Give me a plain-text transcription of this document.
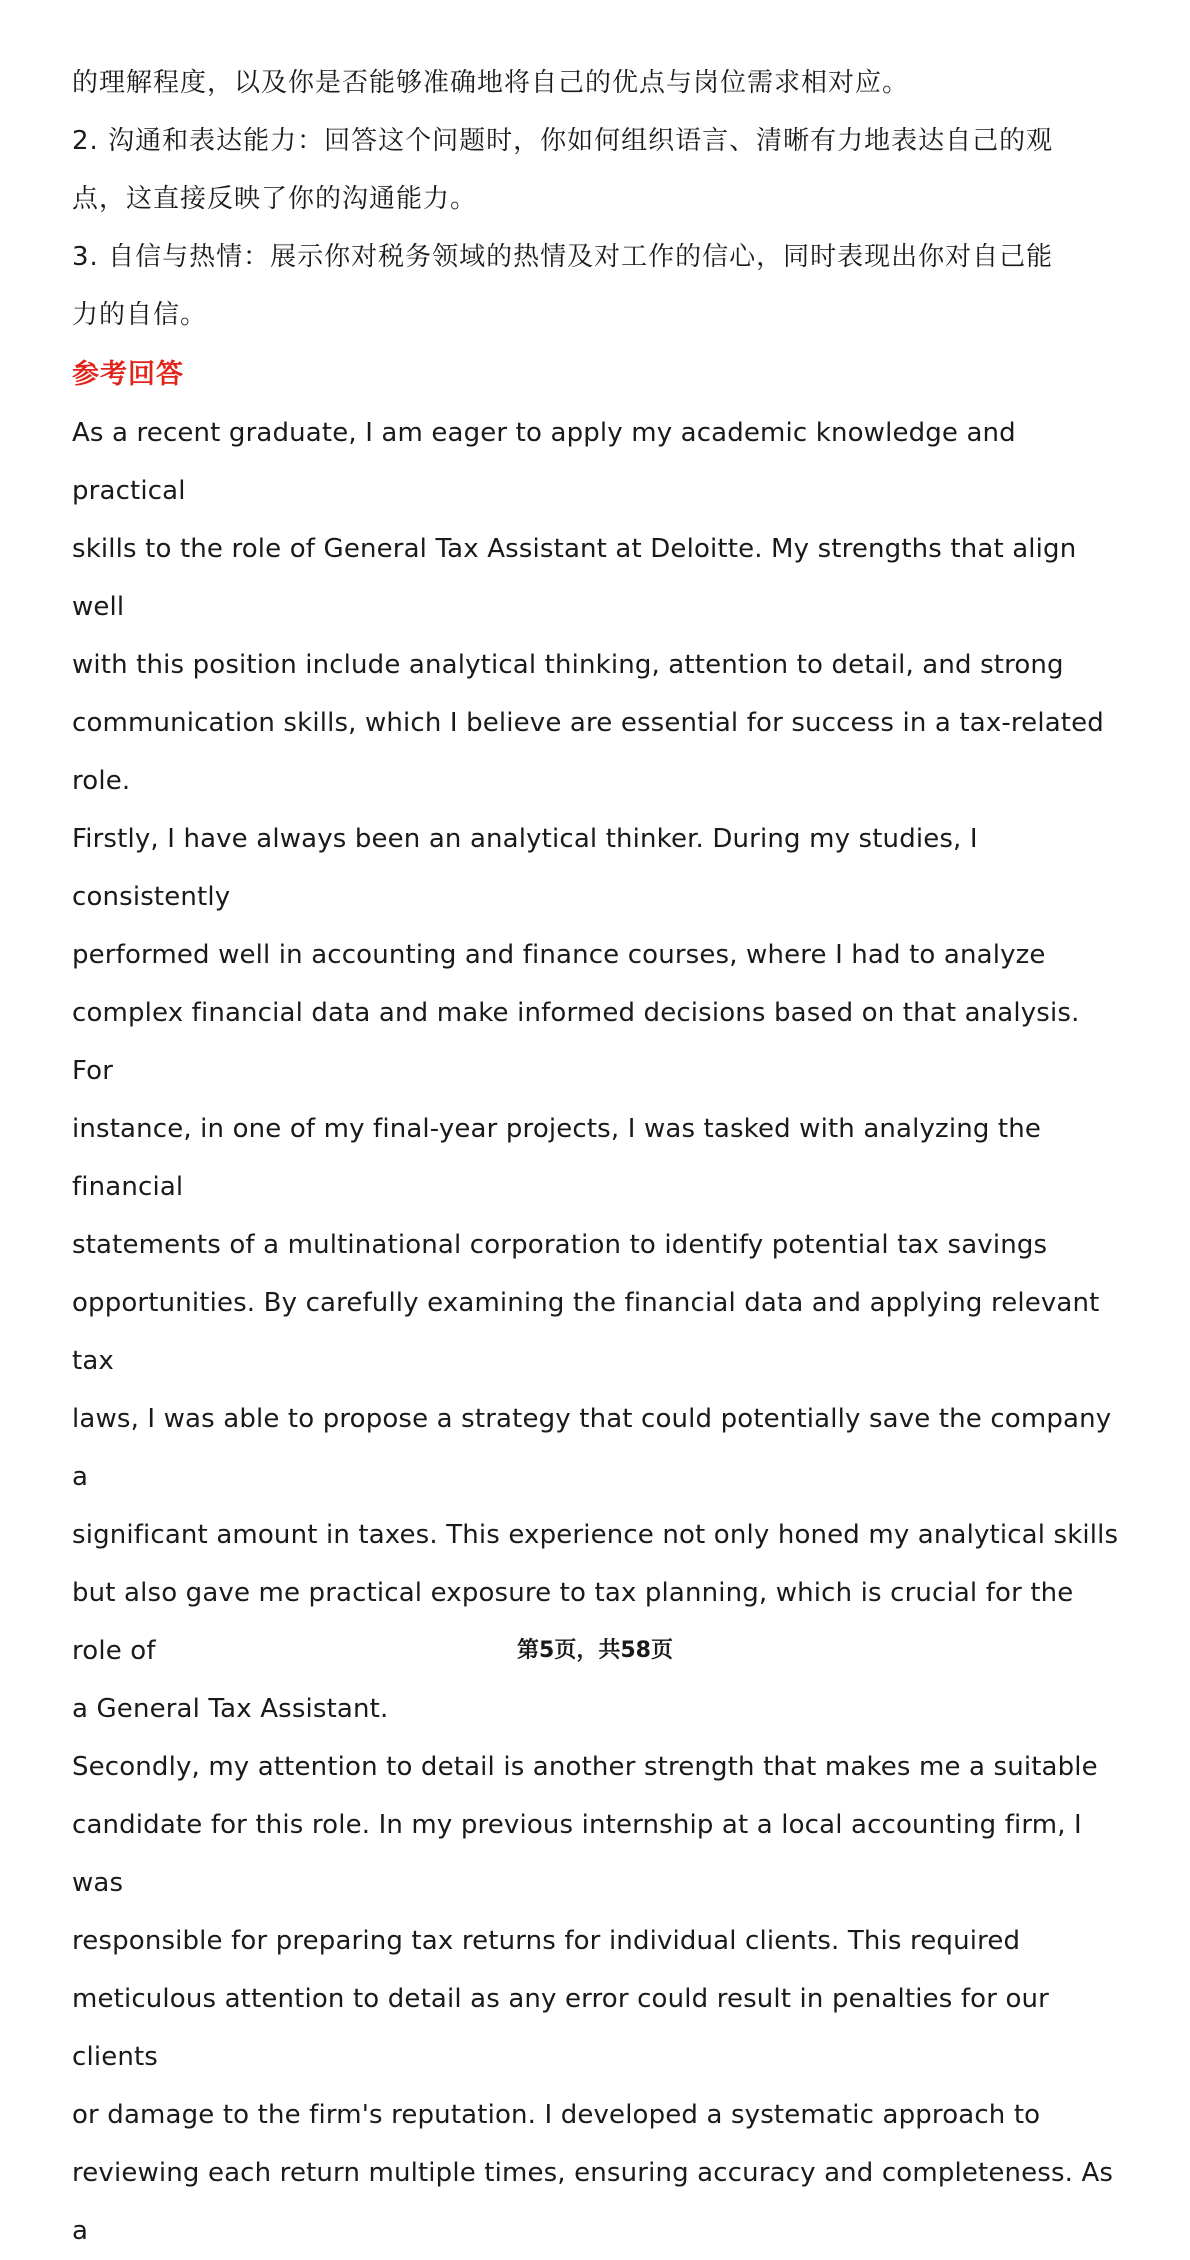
的理解程度，以及你是否能够准确地将自己的优点与岗位需求相对应。

2. 沟通和表达能力：回答这个问题时，你如何组织语言、清晰有力地表达自己的观

点，这直接反映了你的沟通能力。

3. 自信与热情：展示你对税务领域的热情及对工作的信心，同时表现出你对自己能

力的自信。

参考回答

As a recent graduate, I am eager to apply my academic knowledge and practical

skills to the role of General Tax Assistant at Deloitte. My strengths that align well

with this position include analytical thinking, attention to detail, and strong

communication skills, which I believe are essential for success in a tax-related

role.

Firstly, I have always been an analytical thinker. During my studies, I consistently

performed well in accounting and finance courses, where I had to analyze

complex financial data and make informed decisions based on that analysis. For

instance, in one of my final-year projects, I was tasked with analyzing the financial

statements of a multinational corporation to identify potential tax savings

opportunities. By carefully examining the financial data and applying relevant tax

laws, I was able to propose a strategy that could potentially save the company a

significant amount in taxes. This experience not only honed my analytical skills

but also gave me practical exposure to tax planning, which is crucial for the role of

a General Tax Assistant.

Secondly, my attention to detail is another strength that makes me a suitable

candidate for this role. In my previous internship at a local accounting firm, I was

responsible for preparing tax returns for individual clients. This required

meticulous attention to detail as any error could result in penalties for our clients

or damage to the firm's reputation. I developed a systematic approach to

reviewing each return multiple times, ensuring accuracy and completeness. As a

第5页，共58页
